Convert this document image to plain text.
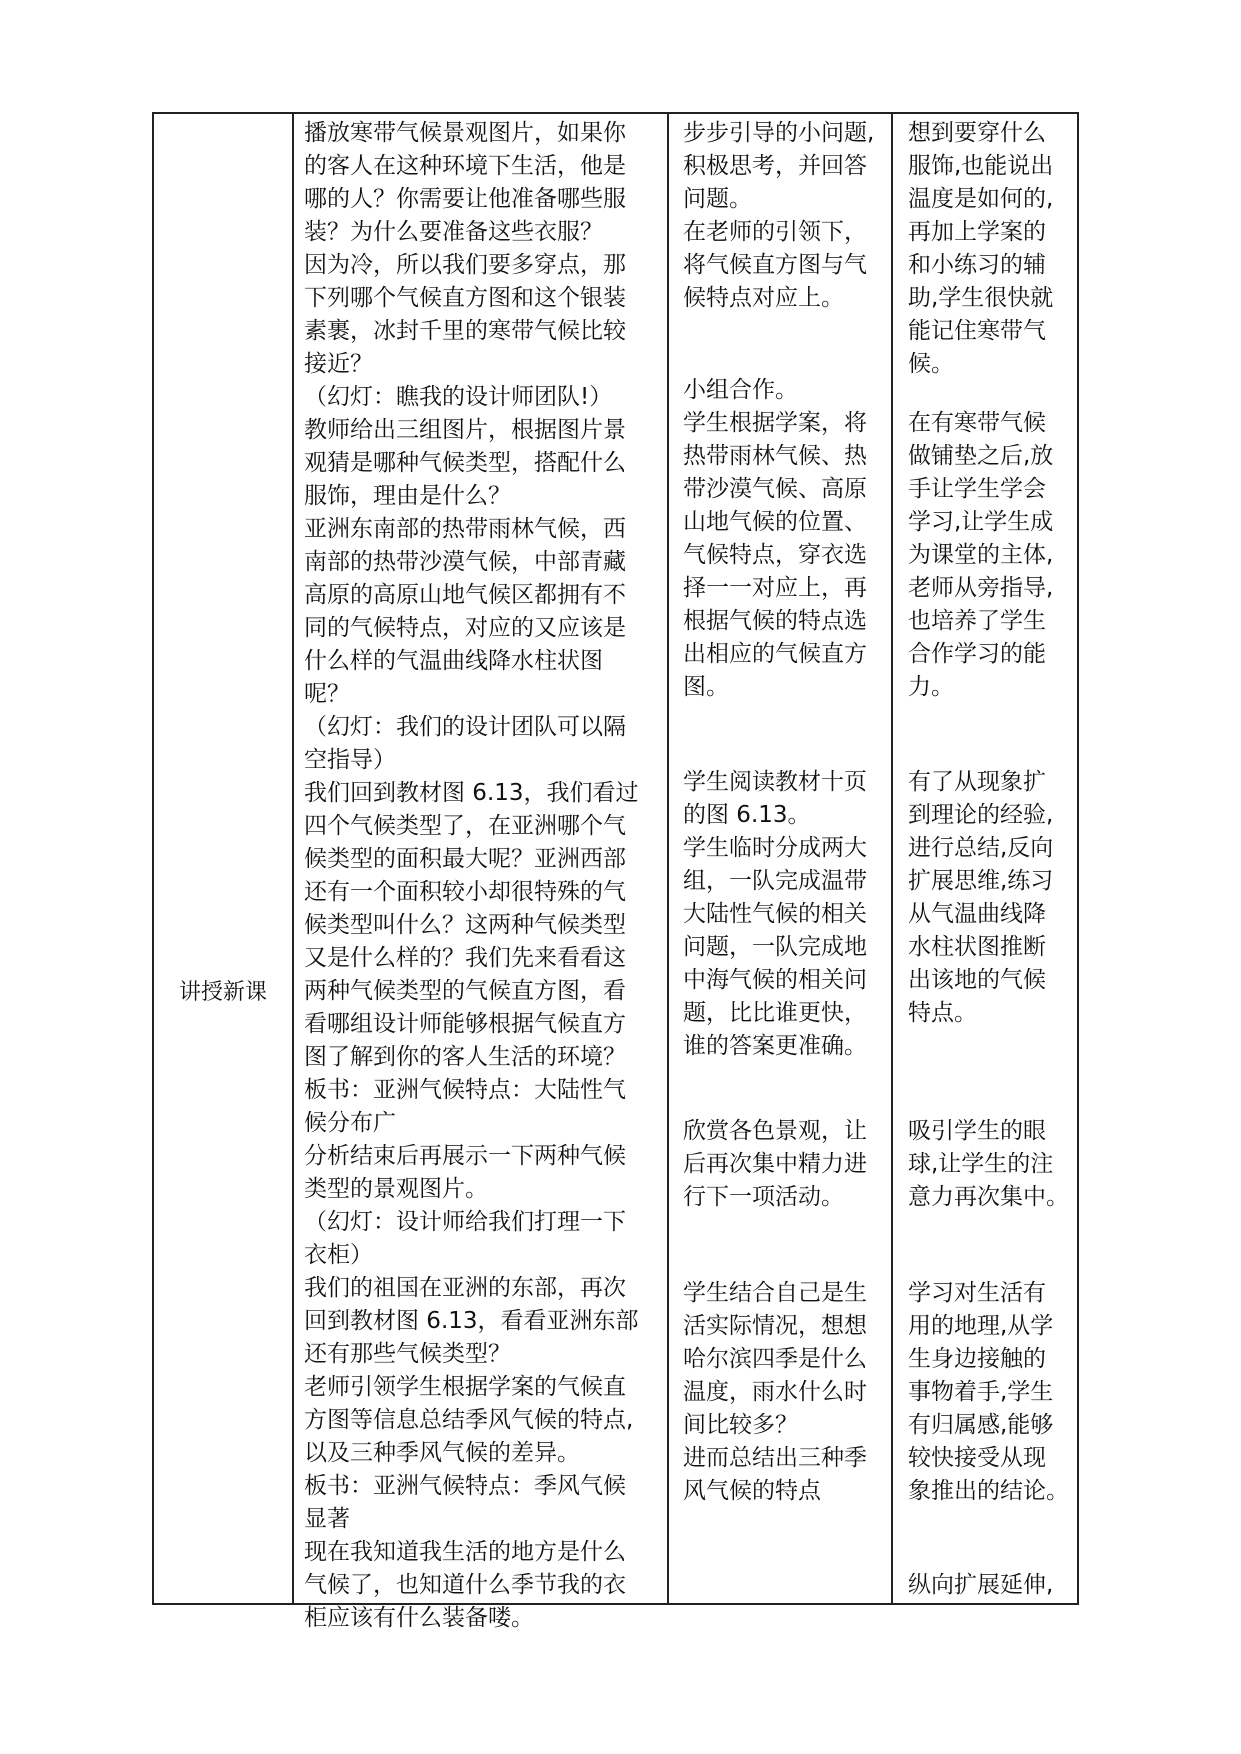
讲授新课

播放寒带气候景观图片，如果你

的客人在这种环境下生活，他是

哪的人？你需要让他准备哪些服

装？为什么要准备这些衣服？

因为冷，所以我们要多穿点，那

下列哪个气候直方图和这个银装

素裹，冰封千里的寒带气候比较

接近？

（幻灯：瞧我的设计师团队!）

教师给出三组图片，根据图片景

观猜是哪种气候类型，搭配什么

服饰，理由是什么？

亚洲东南部的热带雨林气候，西

南部的热带沙漠气候，中部青藏

高原的高原山地气候区都拥有不

同的气候特点，对应的又应该是

什么样的气温曲线降水柱状图

呢？

（幻灯：我们的设计团队可以隔

空指导）

我们回到教材图 6.13，我们看过

四个气候类型了，在亚洲哪个气

候类型的面积最大呢？亚洲西部

还有一个面积较小却很特殊的气

候类型叫什么？这两种气候类型

又是什么样的？我们先来看看这

两种气候类型的气候直方图，看

看哪组设计师能够根据气候直方

图了解到你的客人生活的环境？

板书：亚洲气候特点：大陆性气

候分布广

分析结束后再展示一下两种气候

类型的景观图片。

（幻灯：设计师给我们打理一下

衣柜）

我们的祖国在亚洲的东部，再次

回到教材图 6.13，看看亚洲东部

还有那些气候类型？

老师引领学生根据学案的气候直

方图等信息总结季风气候的特点,

以及三种季风气候的差异。

板书：亚洲气候特点：季风气候

显著

现在我知道我生活的地方是什么

气候了，也知道什么季节我的衣

柜应该有什么装备喽。

步步引导的小问题,

积极思考，并回答

问题。

在老师的引领下，

将气候直方图与气

候特点对应上。

小组合作。

学生根据学案，将

热带雨林气候、热

带沙漠气候、高原

山地气候的位置、

气候特点，穿衣选

择一一对应上，再

根据气候的特点选

出相应的气候直方

图。

学生阅读教材十页

的图 6.13。

学生临时分成两大

组，一队完成温带

大陆性气候的相关

问题，一队完成地

中海气候的相关问

题，比比谁更快，

谁的答案更准确。

欣赏各色景观，让

后再次集中精力进

行下一项活动。

学生结合自己是生

活实际情况，想想

哈尔滨四季是什么

温度，雨水什么时

间比较多？

进而总结出三种季

风气候的特点

想到要穿什么

服饰,也能说出

温度是如何的,

再加上学案的

和小练习的辅

助,学生很快就

能记住寒带气

候。

在有寒带气候

做铺垫之后,放

手让学生学会

学习,让学生成

为课堂的主体,

老师从旁指导,

也培养了学生

合作学习的能

力。

有了从现象扩

到理论的经验,

进行总结,反向

扩展思维,练习

从气温曲线降

水柱状图推断

出该地的气候

特点。

吸引学生的眼

球,让学生的注

意力再次集中。

学习对生活有

用的地理,从学

生身边接触的

事物着手,学生

有归属感,能够

较快接受从现

象推出的结论。

纵向扩展延伸,
